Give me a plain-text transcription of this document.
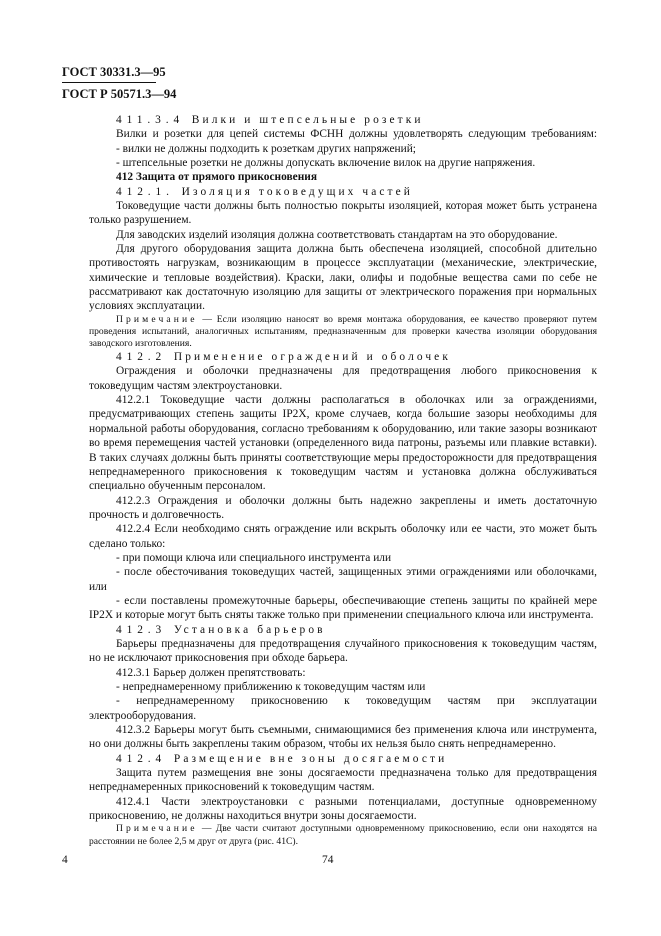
ГОСТ 30331.3—95
ГОСТ Р 50571.3—94

411.3.4 Вилки и штепсельные розетки

Вилки и розетки для цепей системы ФСНН должны удовлетворять следующим требованиям:

- вилки не должны подходить к розеткам других напряжений;

- штепсельные розетки не должны допускать включение вилок на другие напряжения.

412 Защита от прямого прикосновения

412.1. Изоляция токоведущих частей

Токоведущие части должны быть полностью покрыты изоляцией, которая может быть устранена только разрушением.

Для заводских изделий изоляция должна соответствовать стандартам на это оборудование.

Для другого оборудования защита должна быть обеспечена изоляцией, способной длительно противостоять нагрузкам, возникающим в процессе эксплуатации (механические, электрические, химические и тепловые воздействия). Краски, лаки, олифы и подобные вещества сами по себе не рассматривают как достаточную изоляцию для защиты от электрического поражения при нормальных условиях эксплуатации.

Примечание — Если изоляцию наносят во время монтажа оборудования, ее качество проверяют путем проведения испытаний, аналогичных испытаниям, предназначенным для проверки качества изоляции оборудования заводского изготовления.

412.2 Применение ограждений и оболочек

Ограждения и оболочки предназначены для предотвращения любого прикосновения к токоведущим частям электроустановки.

412.2.1 Токоведущие части должны располагаться в оболочках или за ограждениями, предусматривающих степень защиты IP2X, кроме случаев, когда большие зазоры необходимы для нормальной работы оборудования, согласно требованиям к оборудованию, или такие зазоры возникают во время перемещения частей установки (определенного вида патроны, разъемы или плавкие вставки). В таких случаях должны быть приняты соответствующие меры предосторожности для предотвращения непреднамеренного прикосновения к токоведущим частям и установка должна обслуживаться специально обученным персоналом.

412.2.3 Ограждения и оболочки должны быть надежно закреплены и иметь достаточную прочность и долговечность.

412.2.4 Если необходимо снять ограждение или вскрыть оболочку или ее части, это может быть сделано только:

- при помощи ключа или специального инструмента или

- после обесточивания токоведущих частей, защищенных этими ограждениями или оболочками, или

- если поставлены промежуточные барьеры, обеспечивающие степень защиты по крайней мере IP2X и которые могут быть сняты также только при применении специального ключа или инструмента.

412.3 Установка барьеров

Барьеры предназначены для предотвращения случайного прикосновения к токоведущим частям, но не исключают прикосновения при обходе барьера.

412.3.1 Барьер должен препятствовать:

- непреднамеренному приближению к токоведущим частям или

- непреднамеренному прикосновению к токоведущим частям при эксплуатации электрооборудования.

412.3.2 Барьеры могут быть съемными, снимающимися без применения ключа или инструмента, но они должны быть закреплены таким образом, чтобы их нельзя было снять непреднамеренно.

412.4 Размещение вне зоны досягаемости

Защита путем размещения вне зоны досягаемости предназначена только для предотвращения непреднамеренных прикосновений к токоведущим частям.

412.4.1 Части электроустановки с разными потенциалами, доступные одновременному прикосновению, не должны находиться внутри зоны досягаемости.

Примечание — Две части считают доступными одновременному прикосновению, если они находятся на расстоянии не более 2,5 м друг от друга (рис. 41С).

4	74
